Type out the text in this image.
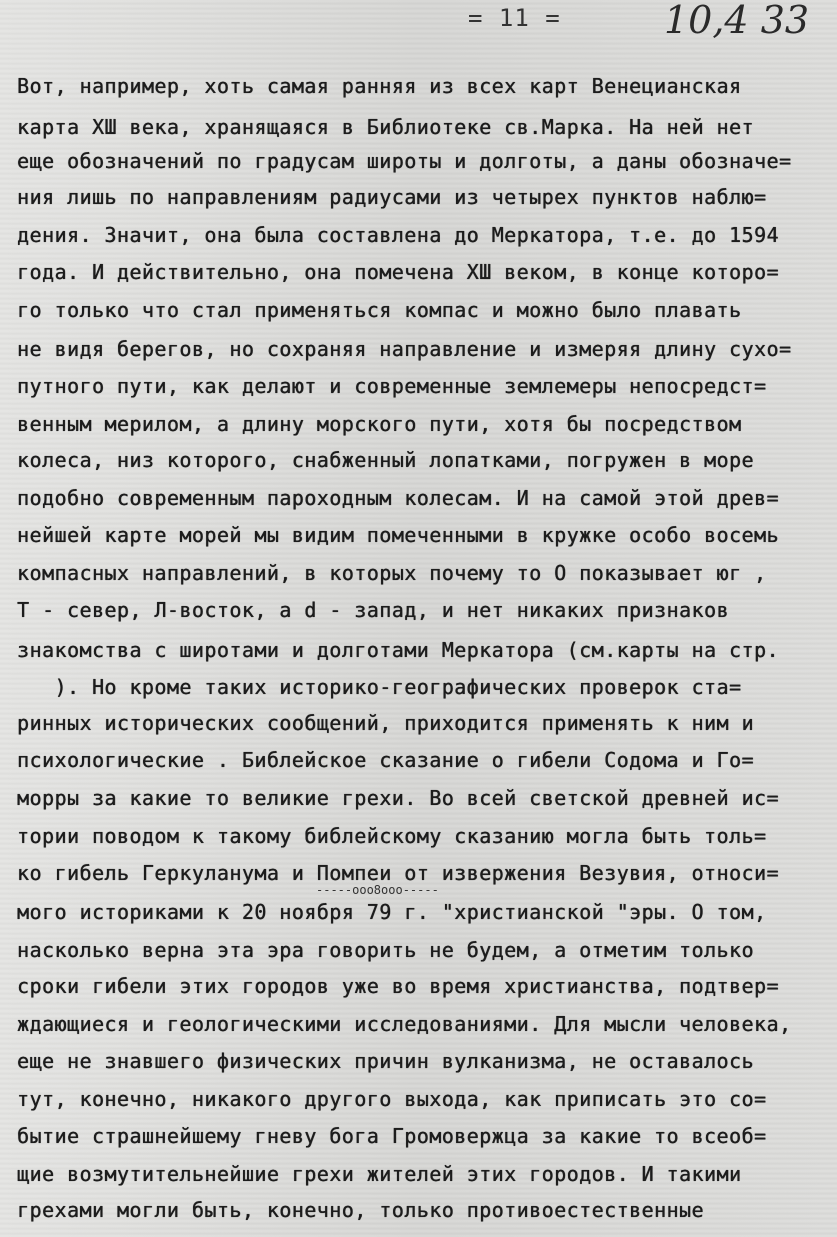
= 11 =	10,4 33
Вот, например, хоть самая ранняя из всех карт Венецианская
карта ХШ века, хранящаяся в Библиотеке св.Марка. На ней нет
еще обозначений по градусам широты и долготы, а даны обозначе=
ния лишь по направлениям радиусами из четырех пунктов наблю=
дения. Значит, она была составлена до Меркатора, т.е. до 1594
года. И действительно, она помечена ХШ веком, в конце которо=
го только что стал применяться компас и можно было плавать
не видя берегов, но сохраняя направление и измеряя длину сухо=
путного пути, как делают и современные землемеры непосредст=
венным мерилом, а длину морского пути, хотя бы посредством
колеса, низ которого, снабженный лопатками, погружен в море
подобно современным пароходным колесам. И на самой этой древ=
нейшей карте морей мы видим помеченными в кружке особо восемь
компасных направлений, в которых почему то О показывает юг ,
Т - север, Л-восток, а d - запад, и нет никаких признаков
знакомства с широтами и долготами Меркатора (см.карты на стр.
). Но кроме таких историко-географических проверок ста=
ринных исторических сообщений, приходится применять к ним и
психологические . Библейское сказание о гибели Содома и Го=
морры за какие то великие грехи. Во всей светской древней ис=
тории поводом к такому библейскому сказанию могла быть толь=
ко гибель Геркуланума и Помпеи от извержения Везувия, относи=
-----ооо8ооо-----
мого историками к 20 ноября 79 г. "христианской "эры. О том,
насколько верна эта эра говорить не будем, а отметим только
сроки гибели этих городов уже во время христианства, подтвер=
ждающиеся и геологическими исследованиями. Для мысли человека,
еще не знавшего физических причин вулканизма, не оставалось
тут, конечно, никакого другого выхода, как приписать это со=
бытие страшнейшему гневу бога Громовержца за какие то всеоб=
щие возмутительнейшие грехи жителей этих городов. И такими
грехами могли быть, конечно, только противоестественные
